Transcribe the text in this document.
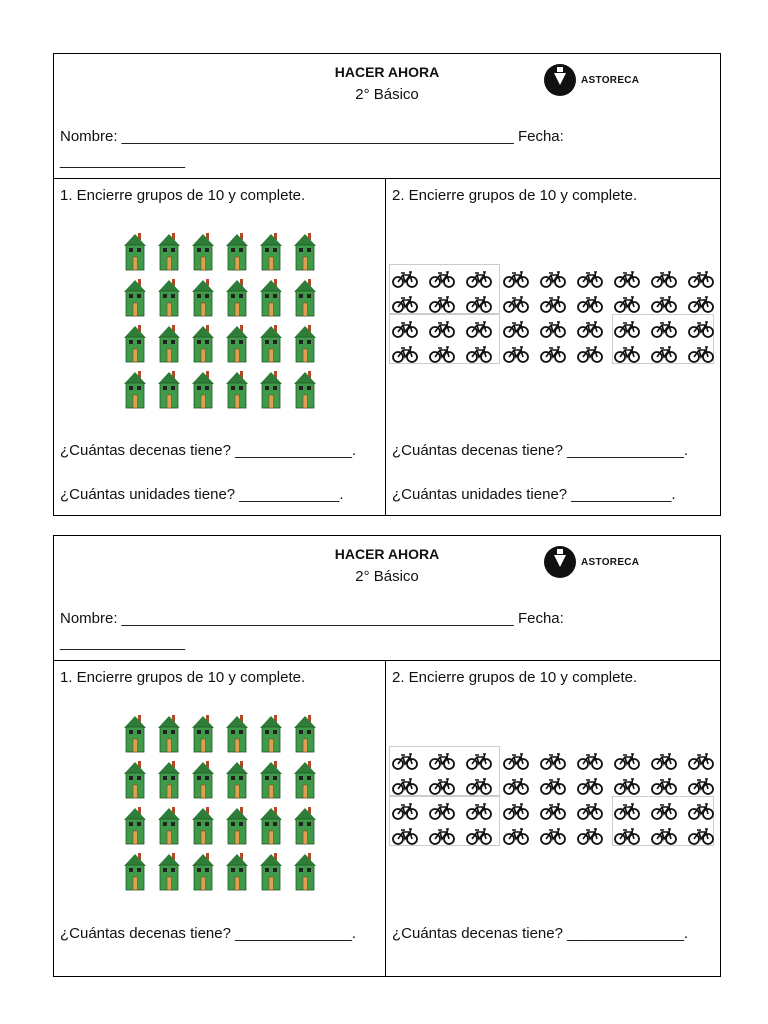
HACER AHORA
2° Básico
ASTORECA
Nombre: _______________________________________________ Fecha:
_______________
1. Encierre grupos de 10 y complete.
¿Cuántas decenas tiene? ______________.
¿Cuántas unidades tiene? ____________.
2. Encierre grupos de 10 y complete.
¿Cuántas decenas tiene? ______________.
¿Cuántas unidades tiene? ____________.
HACER AHORA
2° Básico
ASTORECA
Nombre: _______________________________________________ Fecha:
_______________
1. Encierre grupos de 10 y complete.
¿Cuántas decenas tiene? ______________.
2. Encierre grupos de 10 y complete.
¿Cuántas decenas tiene? ______________.
